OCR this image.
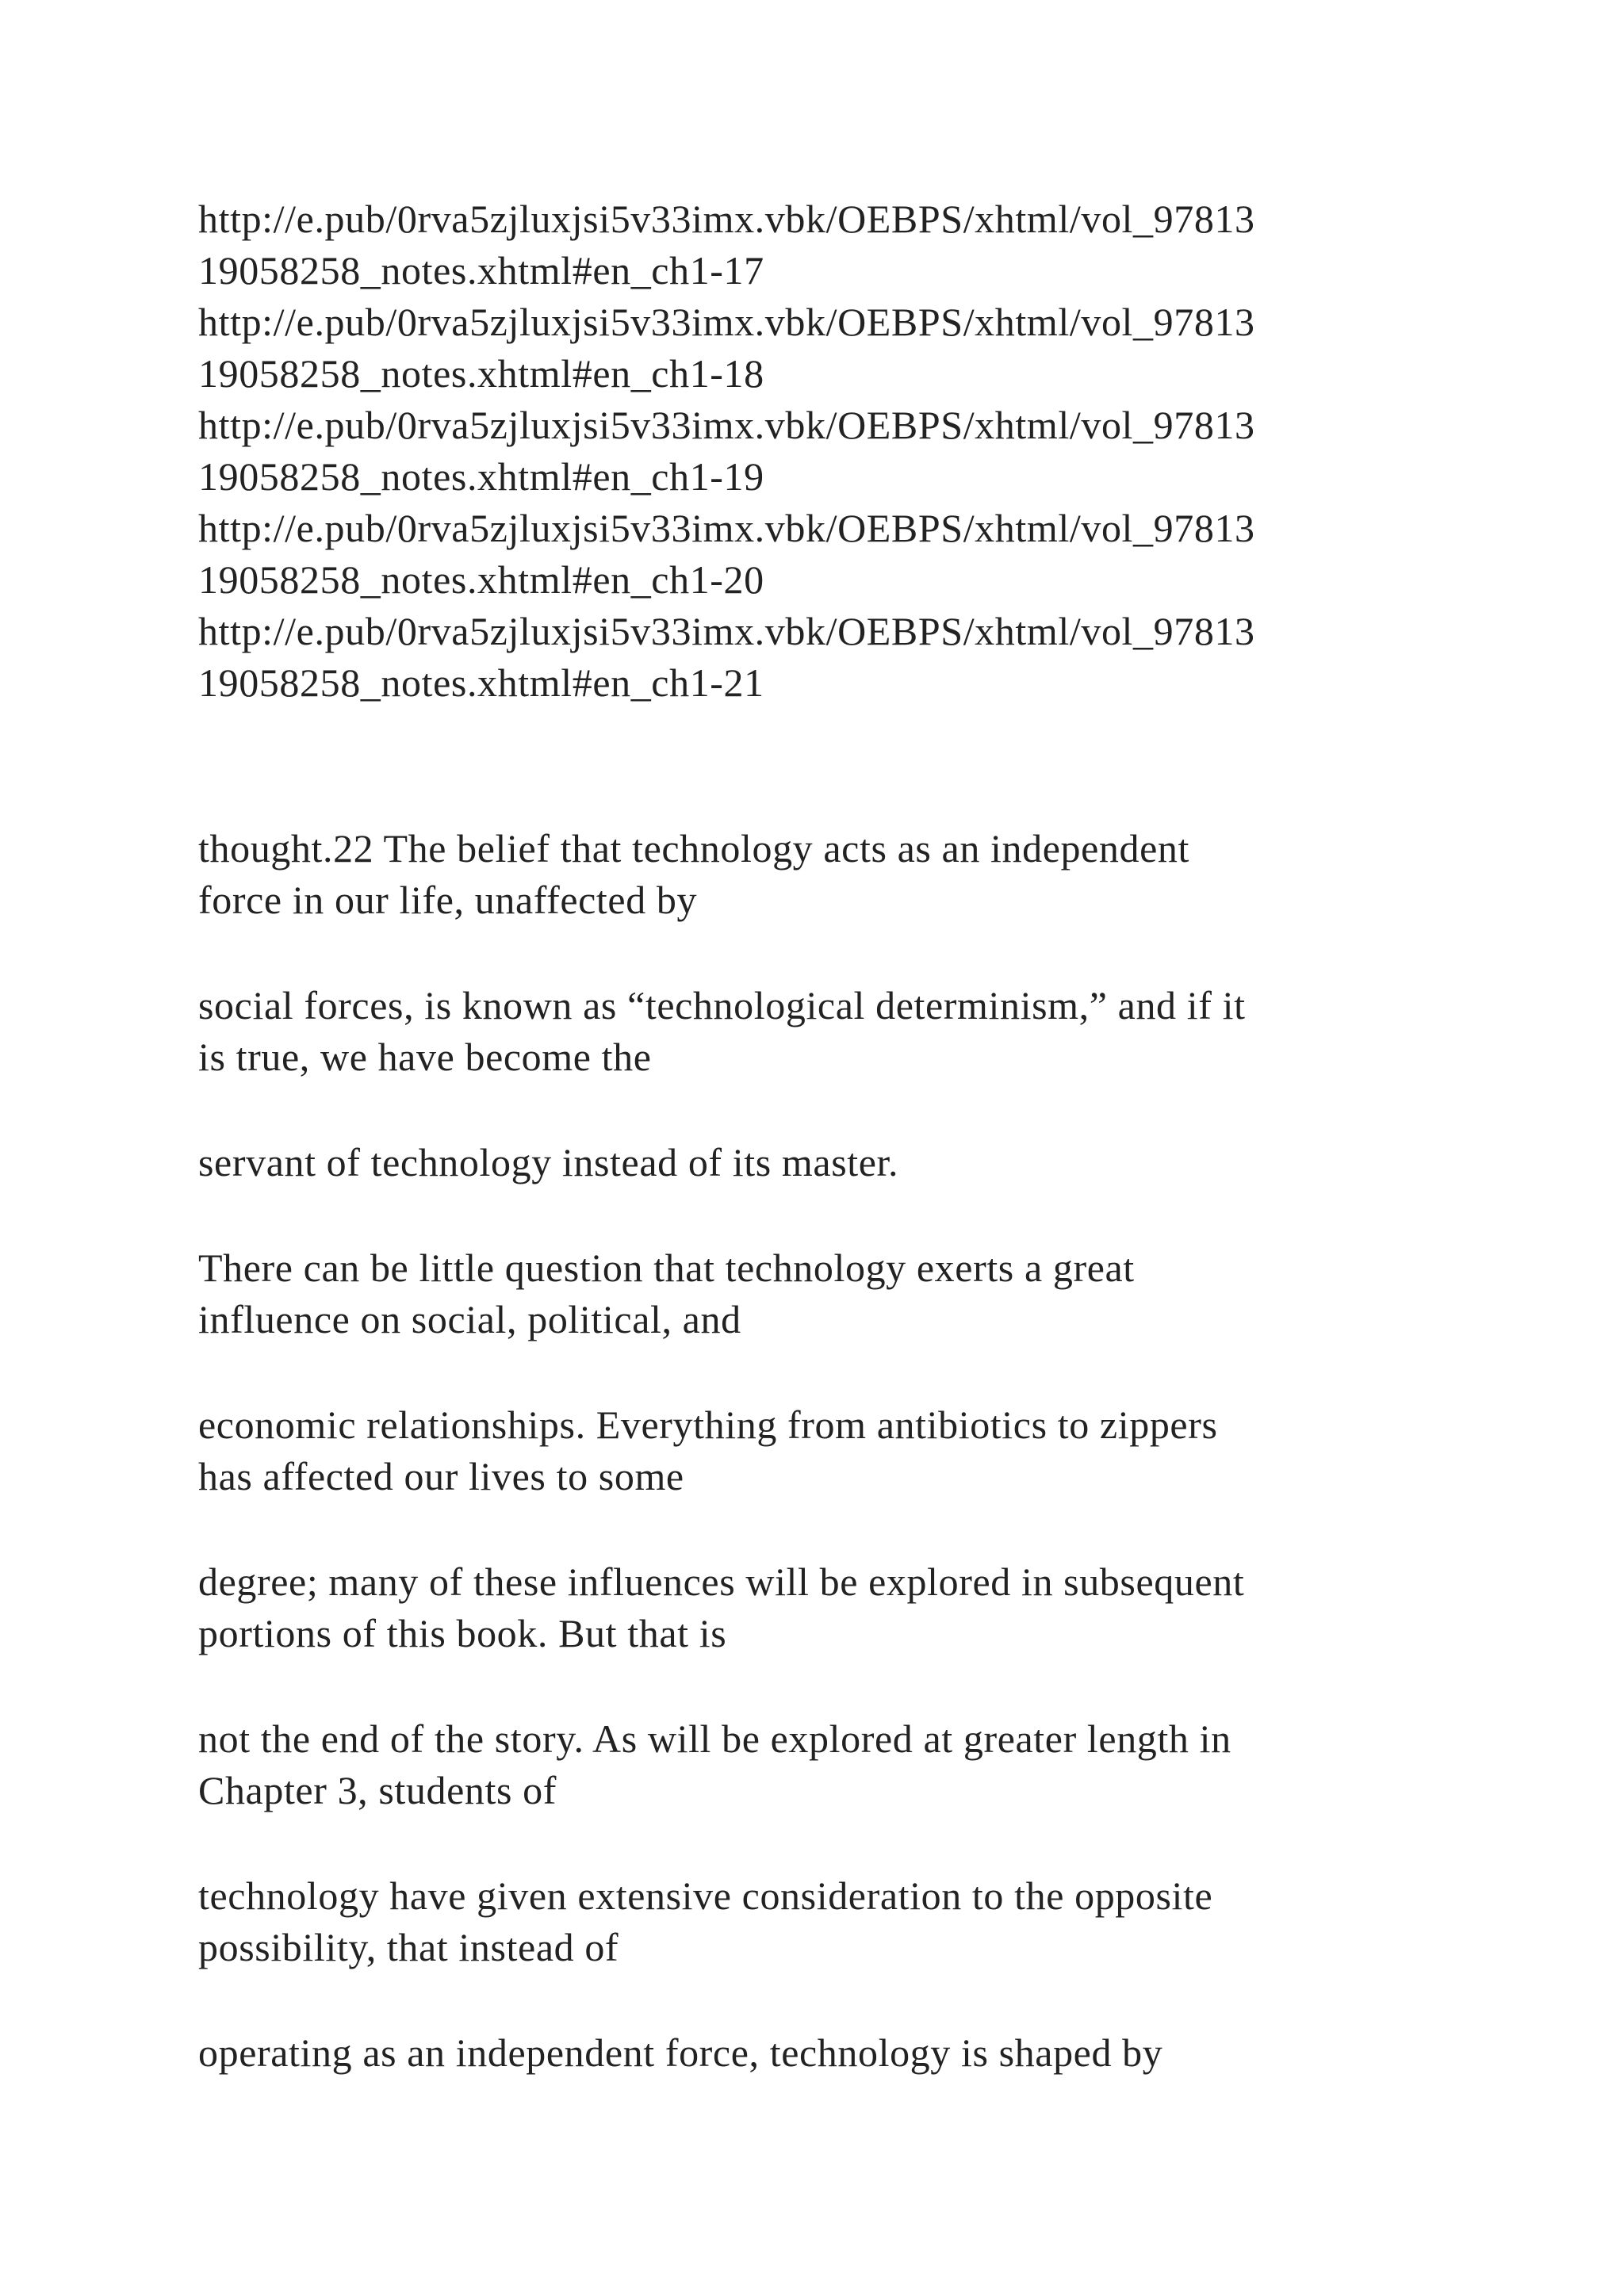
http://e.pub/0rva5zjluxjsi5v33imx.vbk/OEBPS/xhtml/vol_97813
19058258_notes.xhtml#en_ch1-17
http://e.pub/0rva5zjluxjsi5v33imx.vbk/OEBPS/xhtml/vol_97813
19058258_notes.xhtml#en_ch1-18
http://e.pub/0rva5zjluxjsi5v33imx.vbk/OEBPS/xhtml/vol_97813
19058258_notes.xhtml#en_ch1-19
http://e.pub/0rva5zjluxjsi5v33imx.vbk/OEBPS/xhtml/vol_97813
19058258_notes.xhtml#en_ch1-20
http://e.pub/0rva5zjluxjsi5v33imx.vbk/OEBPS/xhtml/vol_97813
19058258_notes.xhtml#en_ch1-21
thought.22 The belief that technology acts as an independent
force in our life, unaffected by
social forces, is known as “technological determinism,” and if it
is true, we have become the
servant of technology instead of its master.
There can be little question that technology exerts a great
influence on social, political, and
economic relationships. Everything from antibiotics to zippers
has affected our lives to some
degree; many of these influences will be explored in subsequent
portions of this book. But that is
not the end of the story. As will be explored at greater length in
Chapter 3, students of
technology have given extensive consideration to the opposite
possibility, that instead of
operating as an independent force, technology is shaped by
